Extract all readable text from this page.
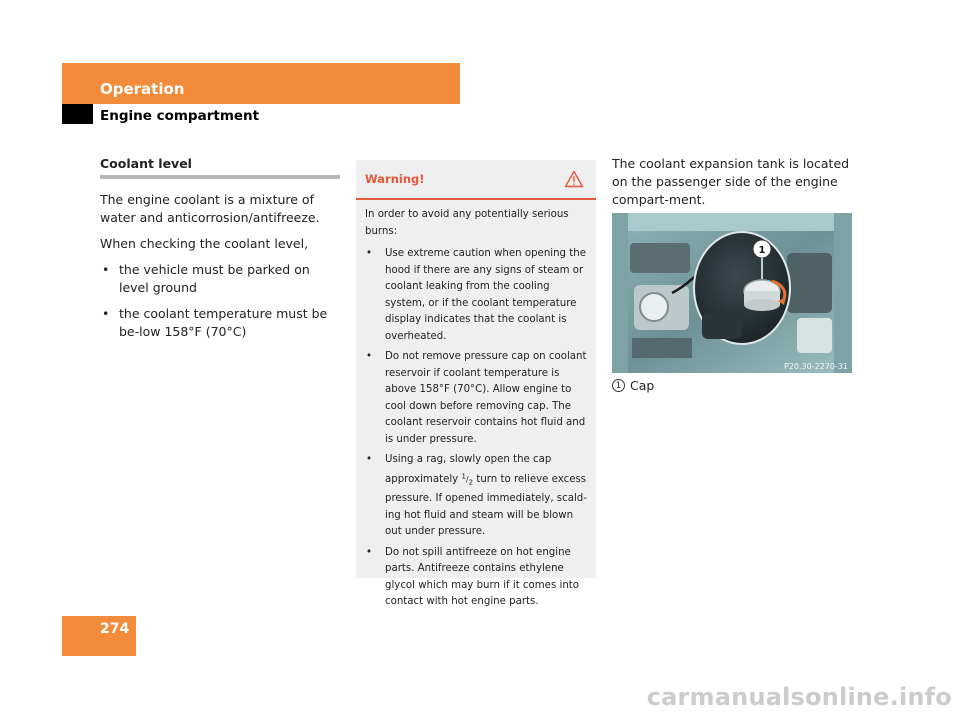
Operation
Engine compartment
Coolant level

The engine coolant is a mixture of water and anticorrosion/antifreeze.

When checking the coolant level,

• the vehicle must be parked on level ground
• the coolant temperature must be be-low 158°F (70°C)
Warning!

In order to avoid any potentially serious burns:

• Use extreme caution when opening the hood if there are any signs of steam or coolant leaking from the cooling system, or if the coolant temperature display indicates that the coolant is overheated.
• Do not remove pressure cap on coolant reservoir if coolant temperature is above 158°F (70°C). Allow engine to cool down before removing cap. The coolant reservoir contains hot fluid and is under pressure.
• Using a rag, slowly open the cap approximately $^1/_2$ turn to relieve excess pressure. If opened immediately, scald-ing hot fluid and steam will be blown out under pressure.
• Do not spill antifreeze on hot engine parts. Antifreeze contains ethylene glycol which may burn if it comes into contact with hot engine parts.

The coolant expansion tank is located on the passenger side of the engine compart-ment.

1
P20.30-2270-31
1 Cap
274
carmanualsonline.info
